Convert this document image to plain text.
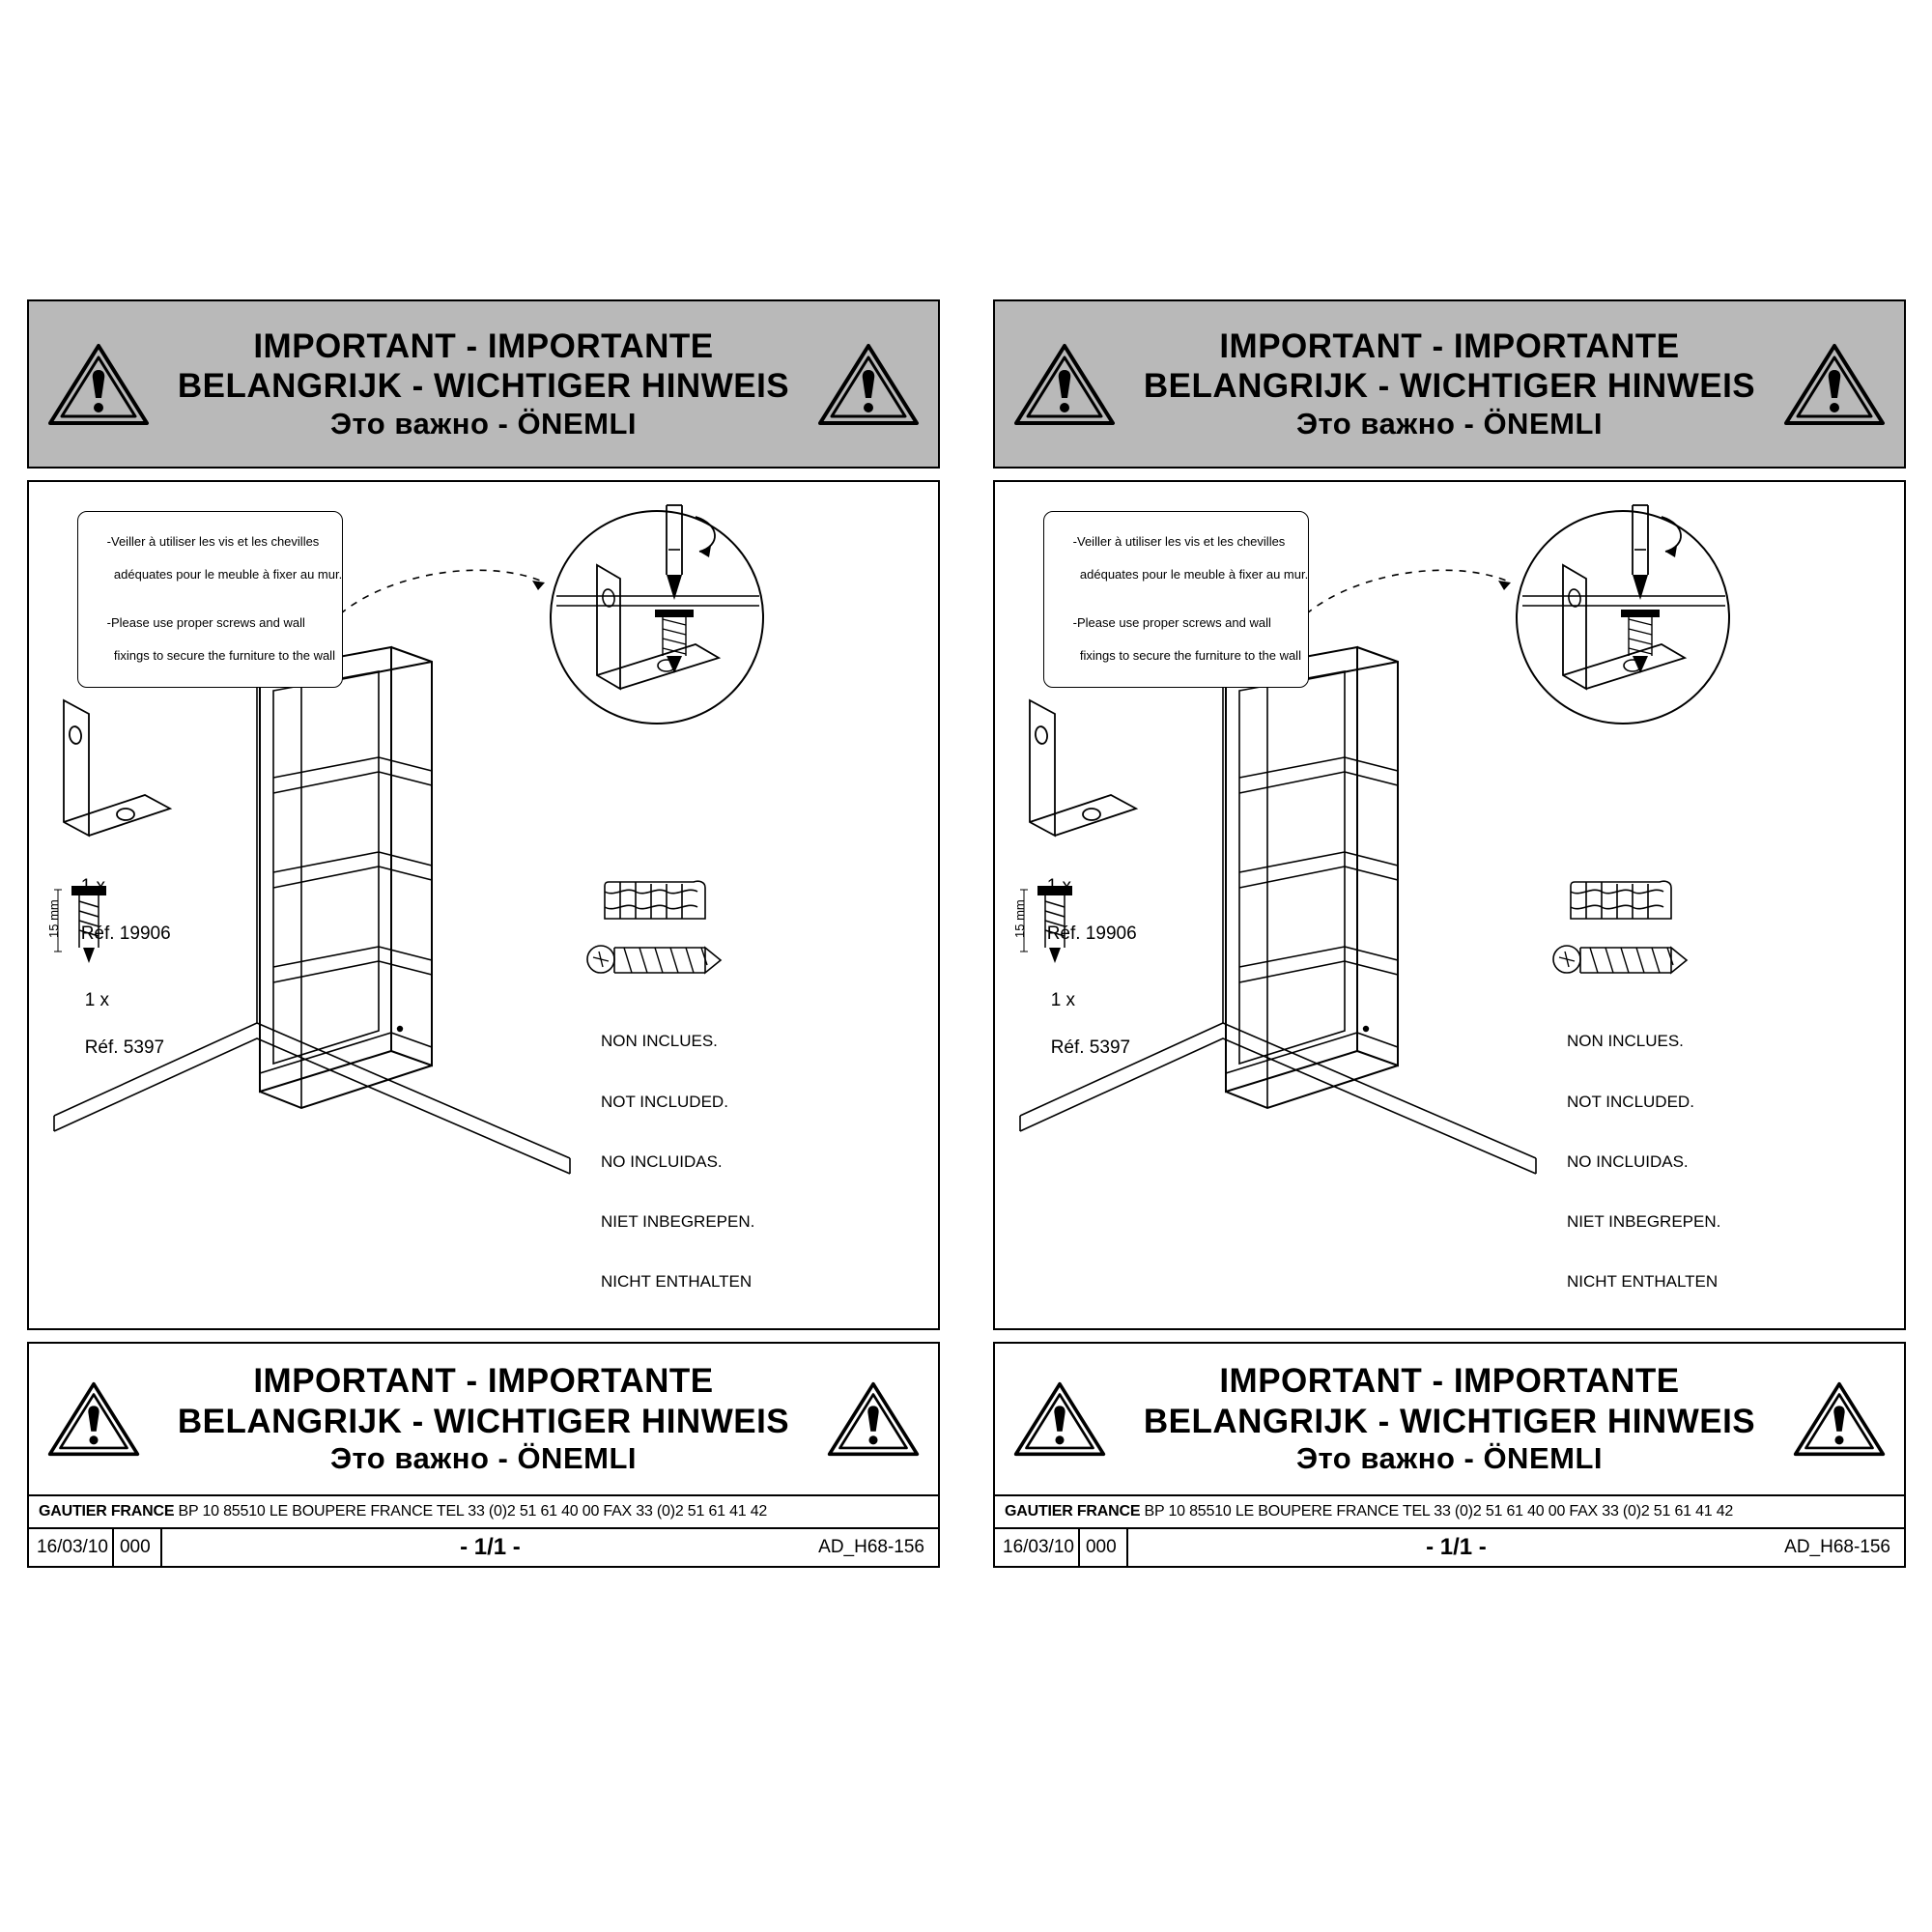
IMPORTANT - IMPORTANTE
BELANGRIJK - WICHTIGER HINWEIS
Это важно - ÖNEMLI
15 mm

-Veiller à utiliser les vis et les chevilles

adéquates pour le meuble à fixer au mur.

-Please use proper screws and wall

fixings to secure the furniture to the wall

1 x

Réf. 19906

1 x

Réf. 5397

	NON INCLUES.

NOT INCLUDED.

NO INCLUIDAS.

NIET INBEGREPEN.

NICHT ENTHALTEN

IMPORTANT - IMPORTANTE
BELANGRIJK - WICHTIGER HINWEIS
Это важно - ÖNEMLI
GAUTIER FRANCE BP 10 85510 LE BOUPERE FRANCE TEL 33 (0)2 51 61 40 00 FAX 33 (0)2 51 61 41 42
16/03/10 000	- 1/1 -	AD_H68-156
IMPORTANT - IMPORTANTE
BELANGRIJK - WICHTIGER HINWEIS
Это важно - ÖNEMLI
15 mm

-Veiller à utiliser les vis et les chevilles

adéquates pour le meuble à fixer au mur.

-Please use proper screws and wall

fixings to secure the furniture to the wall

1 x

Réf. 19906

1 x

Réf. 5397

	NON INCLUES.

NOT INCLUDED.

NO INCLUIDAS.

NIET INBEGREPEN.

NICHT ENTHALTEN

IMPORTANT - IMPORTANTE
BELANGRIJK - WICHTIGER HINWEIS
Это важно - ÖNEMLI
GAUTIER FRANCE BP 10 85510 LE BOUPERE FRANCE TEL 33 (0)2 51 61 40 00 FAX 33 (0)2 51 61 41 42
16/03/10 000	- 1/1 -	AD_H68-156
